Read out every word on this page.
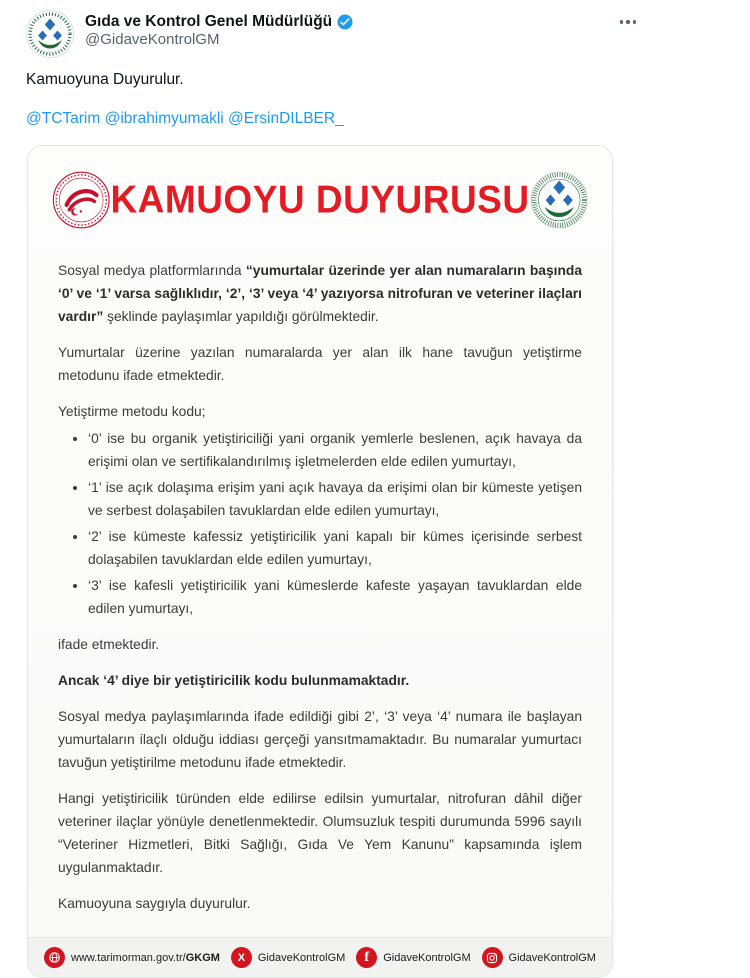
Gıda ve Kontrol Genel Müdürlüğü
@GidaveKontrolGM
Kamuoyuna Duyurulur.
@TCTarim @ibrahimyumakli @ErsinDILBER_
KAMUOYU DUYURUSU

Sosyal medya platformlarında “yumurtalar üzerinde yer alan numaraların başında ‘0’ ve ‘1’ varsa sağlıklıdır, ‘2’, ‘3’ veya ‘4’ yazıyorsa nitrofuran ve veteriner ilaçları vardır” şeklinde paylaşımlar yapıldığı görülmektedir.

Yumurtalar üzerine yazılan numaralarda yer alan ilk hane tavuğun yetiştirme metodunu ifade etmektedir.

Yetiştirme metodu kodu;

• ‘0’ ise bu organik yetiştiriciliği yani organik yemlerle beslenen, açık havaya da erişimi olan ve sertifikalandırılmış işletmelerden elde edilen yumurtayı,
• ‘1’ ise açık dolaşıma erişim yani açık havaya da erişimi olan bir kümeste yetişen ve serbest dolaşabilen tavuklardan elde edilen yumurtayı,
• ‘2’ ise kümeste kafessiz yetiştiricilik yani kapalı bir kümes içerisinde serbest dolaşabilen tavuklardan elde edilen yumurtayı,
• ‘3’ ise kafesli yetiştiricilik yani kümeslerde kafeste yaşayan tavuklardan elde edilen yumurtayı,

ifade etmektedir.

Ancak ‘4’ diye bir yetiştiricilik kodu bulunmamaktadır.

Sosyal medya paylaşımlarında ifade edildiği gibi 2’, ‘3’ veya ‘4’ numara ile başlayan yumurtaların ilaçlı olduğu iddiası gerçeği yansıtmamaktadır. Bu numaralar yumurtacı tavuğun yetiştirilme metodunu ifade etmektedir.

Hangi yetiştiricilik türünden elde edilirse edilsin yumurtalar, nitrofuran dâhil diğer veteriner ilaçlar yönüyle denetlenmektedir. Olumsuzluk tespiti durumunda 5996 sayılı “Veteriner Hizmetleri, Bitki Sağlığı, Gıda Ve Yem Kanunu” kapsamında işlem uygulanmaktadır.

Kamuoyuna saygıyla duyurulur.

www.tarimorman.gov.tr/GKGM	X	GidaveKontrolGM	f	GidaveKontrolGM	GidaveKontrolGM
